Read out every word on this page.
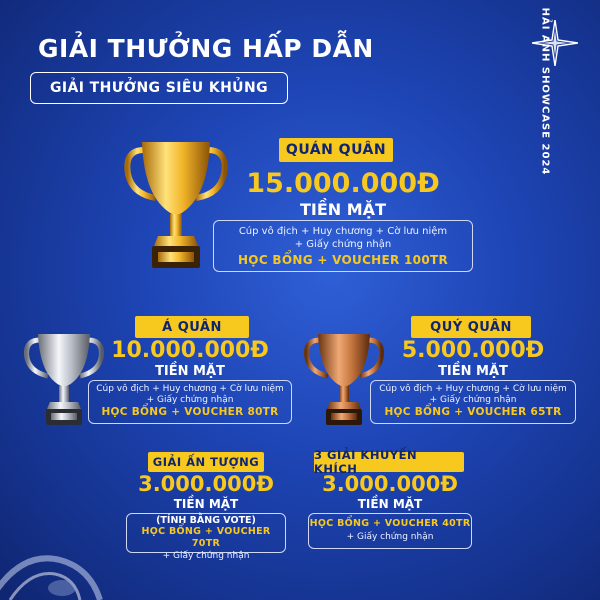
HẢI ANH SHOWCASE 2024
GIẢI THƯỞNG HẤP DẪN
GIẢI THƯỞNG SIÊU KHỦNG
QUÁN QUÂN
15.000.000Đ
TIỀN MẶT
Cúp vô địch + Huy chương + Cờ lưu niệm
+ Giấy chứng nhận
HỌC BỔNG + VOUCHER 100TR
Á QUÂN
10.000.000Đ
TIỀN MẶT
Cúp vô địch + Huy chương + Cờ lưu niệm
+ Giấy chứng nhận
HỌC BỔNG + VOUCHER 80TR
QUÝ QUÂN
5.000.000Đ
TIỀN MẶT
Cúp vô địch + Huy chương + Cờ lưu niệm
+ Giấy chứng nhận
HỌC BỔNG + VOUCHER 65TR
GIẢI ẤN TƯỢNG
3.000.000Đ
TIỀN MẶT
(TÍNH BẰNG VOTE)
HỌC BỔNG + VOUCHER 70TR
+ Giấy chứng nhận
3 GIẢI KHUYẾN KHÍCH
3.000.000Đ
TIỀN MẶT
HỌC BỔNG + VOUCHER 40TR
+ Giấy chứng nhận
